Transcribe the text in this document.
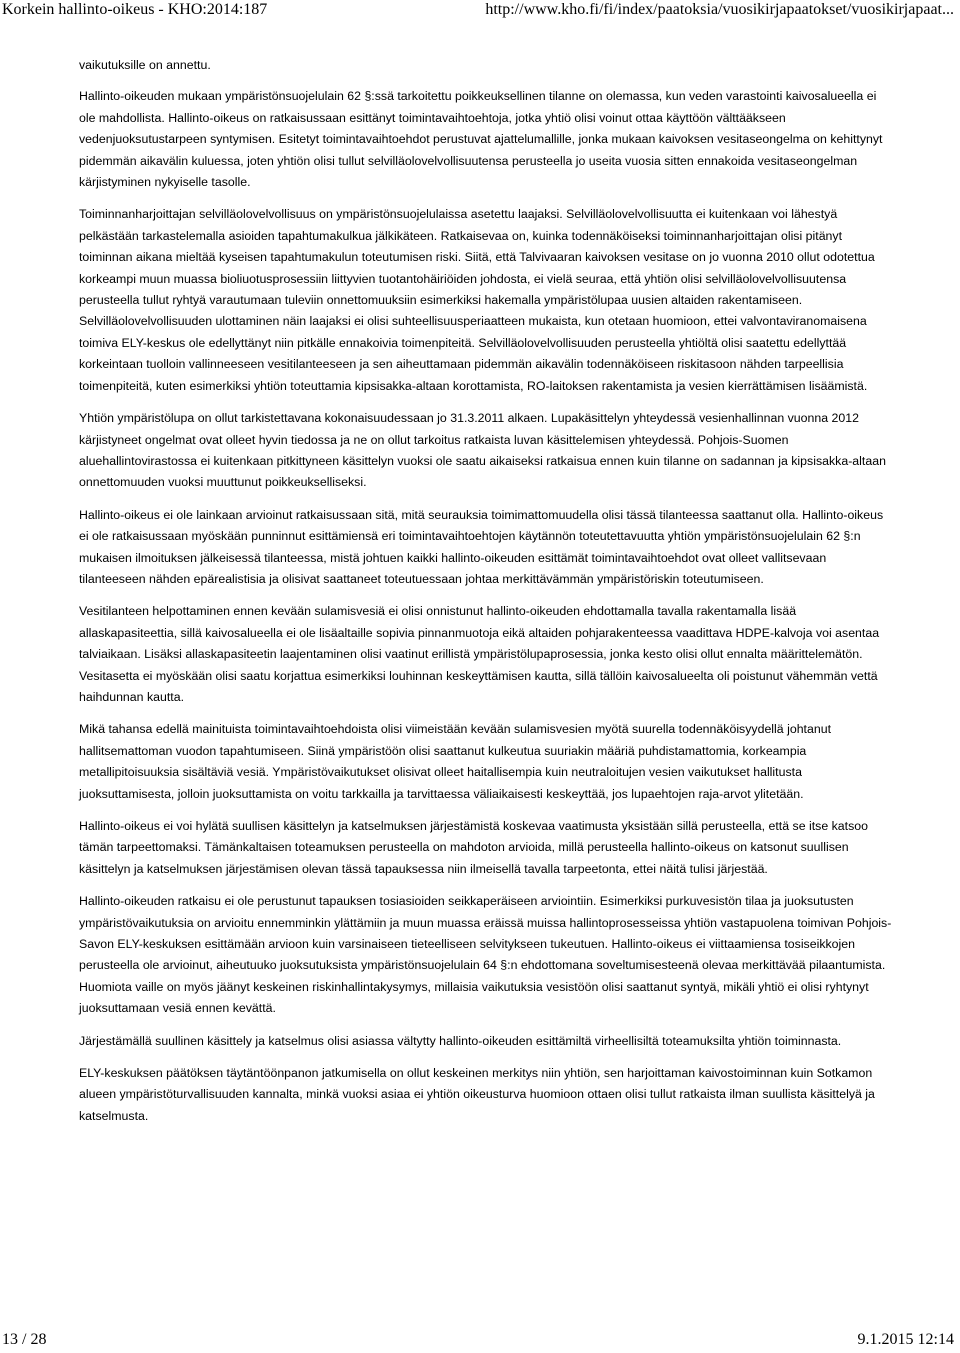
Korkein hallinto-oikeus - KHO:2014:187	http://www.kho.fi/fi/index/paatoksia/vuosikirjapaatokset/vuosikirjapaat...

vaikutuksille on annettu.

Hallinto-oikeuden mukaan ympäristönsuojelulain 62 §:ssä tarkoitettu poikkeuksellinen tilanne on olemassa, kun veden varastointi kaivosalueella ei ole mahdollista. Hallinto-oikeus on ratkaisussaan esittänyt toimintavaihtoehtoja, jotka yhtiö olisi voinut ottaa käyttöön välttääkseen vedenjuoksutustarpeen syntymisen. Esitetyt toimintavaihtoehdot perustuvat ajattelumallille, jonka mukaan kaivoksen vesitaseongelma on kehittynyt pidemmän aikavälin kuluessa, joten yhtiön olisi tullut selvilläolovelvollisuutensa perusteella jo useita vuosia sitten ennakoida vesitaseongelman kärjistyminen nykyiselle tasolle.

Toiminnanharjoittajan selvilläolovelvollisuus on ympäristönsuojelulaissa asetettu laajaksi. Selvilläolovelvollisuutta ei kuitenkaan voi lähestyä pelkästään tarkastelemalla asioiden tapahtumakulkua jälkikäteen. Ratkaisevaa on, kuinka todennäköiseksi toiminnanharjoittajan olisi pitänyt toiminnan aikana mieltää kyseisen tapahtumakulun toteutumisen riski. Siitä, että Talvivaaran kaivoksen vesitase on jo vuonna 2010 ollut odotettua korkeampi muun muassa bioliuotusprosessiin liittyvien tuotantohäiriöiden johdosta, ei vielä seuraa, että yhtiön olisi selvilläolovelvollisuutensa perusteella tullut ryhtyä varautumaan tuleviin onnettomuuksiin esimerkiksi hakemalla ympäristölupaa uusien altaiden rakentamiseen. Selvilläolovelvollisuuden ulottaminen näin laajaksi ei olisi suhteellisuusperiaatteen mukaista, kun otetaan huomioon, ettei valvontaviranomaisena toimiva ELY-keskus ole edellyttänyt niin pitkälle ennakoivia toimenpiteitä. Selvilläolovelvollisuuden perusteella yhtiöltä olisi saatettu edellyttää korkeintaan tuolloin vallinneeseen vesitilanteeseen ja sen aiheuttamaan pidemmän aikavälin todennäköiseen riskitasoon nähden tarpeellisia toimenpiteitä, kuten esimerkiksi yhtiön toteuttamia kipsisakka-altaan korottamista, RO-laitoksen rakentamista ja vesien kierrättämisen lisäämistä.

Yhtiön ympäristölupa on ollut tarkistettavana kokonaisuudessaan jo 31.3.2011 alkaen. Lupakäsittelyn yhteydessä vesienhallinnan vuonna 2012 kärjistyneet ongelmat ovat olleet hyvin tiedossa ja ne on ollut tarkoitus ratkaista luvan käsittelemisen yhteydessä. Pohjois-Suomen aluehallintovirastossa ei kuitenkaan pitkittyneen käsittelyn vuoksi ole saatu aikaiseksi ratkaisua ennen kuin tilanne on sadannan ja kipsisakka-altaan onnettomuuden vuoksi muuttunut poikkeukselliseksi.

Hallinto-oikeus ei ole lainkaan arvioinut ratkaisussaan sitä, mitä seurauksia toimimattomuudella olisi tässä tilanteessa saattanut olla. Hallinto-oikeus ei ole ratkaisussaan myöskään punninnut esittämiensä eri toimintavaihtoehtojen käytännön toteutettavuutta yhtiön ympäristönsuojelulain 62 §:n mukaisen ilmoituksen jälkeisessä tilanteessa, mistä johtuen kaikki hallinto-oikeuden esittämät toimintavaihtoehdot ovat olleet vallitsevaan tilanteeseen nähden epärealistisia ja olisivat saattaneet toteutuessaan johtaa merkittävämmän ympäristöriskin toteutumiseen.

Vesitilanteen helpottaminen ennen kevään sulamisvesiä ei olisi onnistunut hallinto-oikeuden ehdottamalla tavalla rakentamalla lisää allaskapasiteettia, sillä kaivosalueella ei ole lisäaltaille sopivia pinnanmuotoja eikä altaiden pohjarakenteessa vaadittava HDPE-kalvoja voi asentaa talviaikaan. Lisäksi allaskapasiteetin laajentaminen olisi vaatinut erillistä ympäristölupaprosessia, jonka kesto olisi ollut ennalta määrittelemätön. Vesitasetta ei myöskään olisi saatu korjattua esimerkiksi louhinnan keskeyttämisen kautta, sillä tällöin kaivosalueelta oli poistunut vähemmän vettä haihdunnan kautta.

Mikä tahansa edellä mainituista toimintavaihtoehdoista olisi viimeistään kevään sulamisvesien myötä suurella todennäköisyydellä johtanut hallitsemattoman vuodon tapahtumiseen. Siinä ympäristöön olisi saattanut kulkeutua suuriakin määriä puhdistamattomia, korkeampia metallipitoisuuksia sisältäviä vesiä. Ympäristövaikutukset olisivat olleet haitallisempia kuin neutraloitujen vesien vaikutukset hallitusta juoksuttamisesta, jolloin juoksuttamista on voitu tarkkailla ja tarvittaessa väliaikaisesti keskeyttää, jos lupaehtojen raja-arvot ylitetään.

Hallinto-oikeus ei voi hylätä suullisen käsittelyn ja katselmuksen järjestämistä koskevaa vaatimusta yksistään sillä perusteella, että se itse katsoo tämän tarpeettomaksi. Tämänkaltaisen toteamuksen perusteella on mahdoton arvioida, millä perusteella hallinto-oikeus on katsonut suullisen käsittelyn ja katselmuksen järjestämisen olevan tässä tapauksessa niin ilmeisellä tavalla tarpeetonta, ettei näitä tulisi järjestää.

Hallinto-oikeuden ratkaisu ei ole perustunut tapauksen tosiasioiden seikkaperäiseen arviointiin. Esimerkiksi purkuvesistön tilaa ja juoksutusten ympäristövaikutuksia on arvioitu ennemminkin ylättämiin ja muun muassa eräissä muissa hallintoprosesseissa yhtiön vastapuolena toimivan Pohjois-Savon ELY-keskuksen esittämään arvioon kuin varsinaiseen tieteelliseen selvitykseen tukeutuen. Hallinto-oikeus ei viittaamiensa tosiseikkojen perusteella ole arvioinut, aiheutuuko juoksutuksista ympäristönsuojelulain 64 §:n ehdottomana soveltumisesteenä olevaa merkittävää pilaantumista. Huomiota vaille on myös jäänyt keskeinen riskinhallintakysymys, millaisia vaikutuksia vesistöön olisi saattanut syntyä, mikäli yhtiö ei olisi ryhtynyt juoksuttamaan vesiä ennen kevättä.

Järjestämällä suullinen käsittely ja katselmus olisi asiassa vältytty hallinto-oikeuden esittämiltä virheellisiltä toteamuksilta yhtiön toiminnasta.

ELY-keskuksen päätöksen täytäntöönpanon jatkumisella on ollut keskeinen merkitys niin yhtiön, sen harjoittaman kaivostoiminnan kuin Sotkamon alueen ympäristöturvallisuuden kannalta, minkä vuoksi asiaa ei yhtiön oikeusturva huomioon ottaen olisi tullut ratkaista ilman suullista käsittelyä ja katselmusta.

13 / 28	9.1.2015 12:14
